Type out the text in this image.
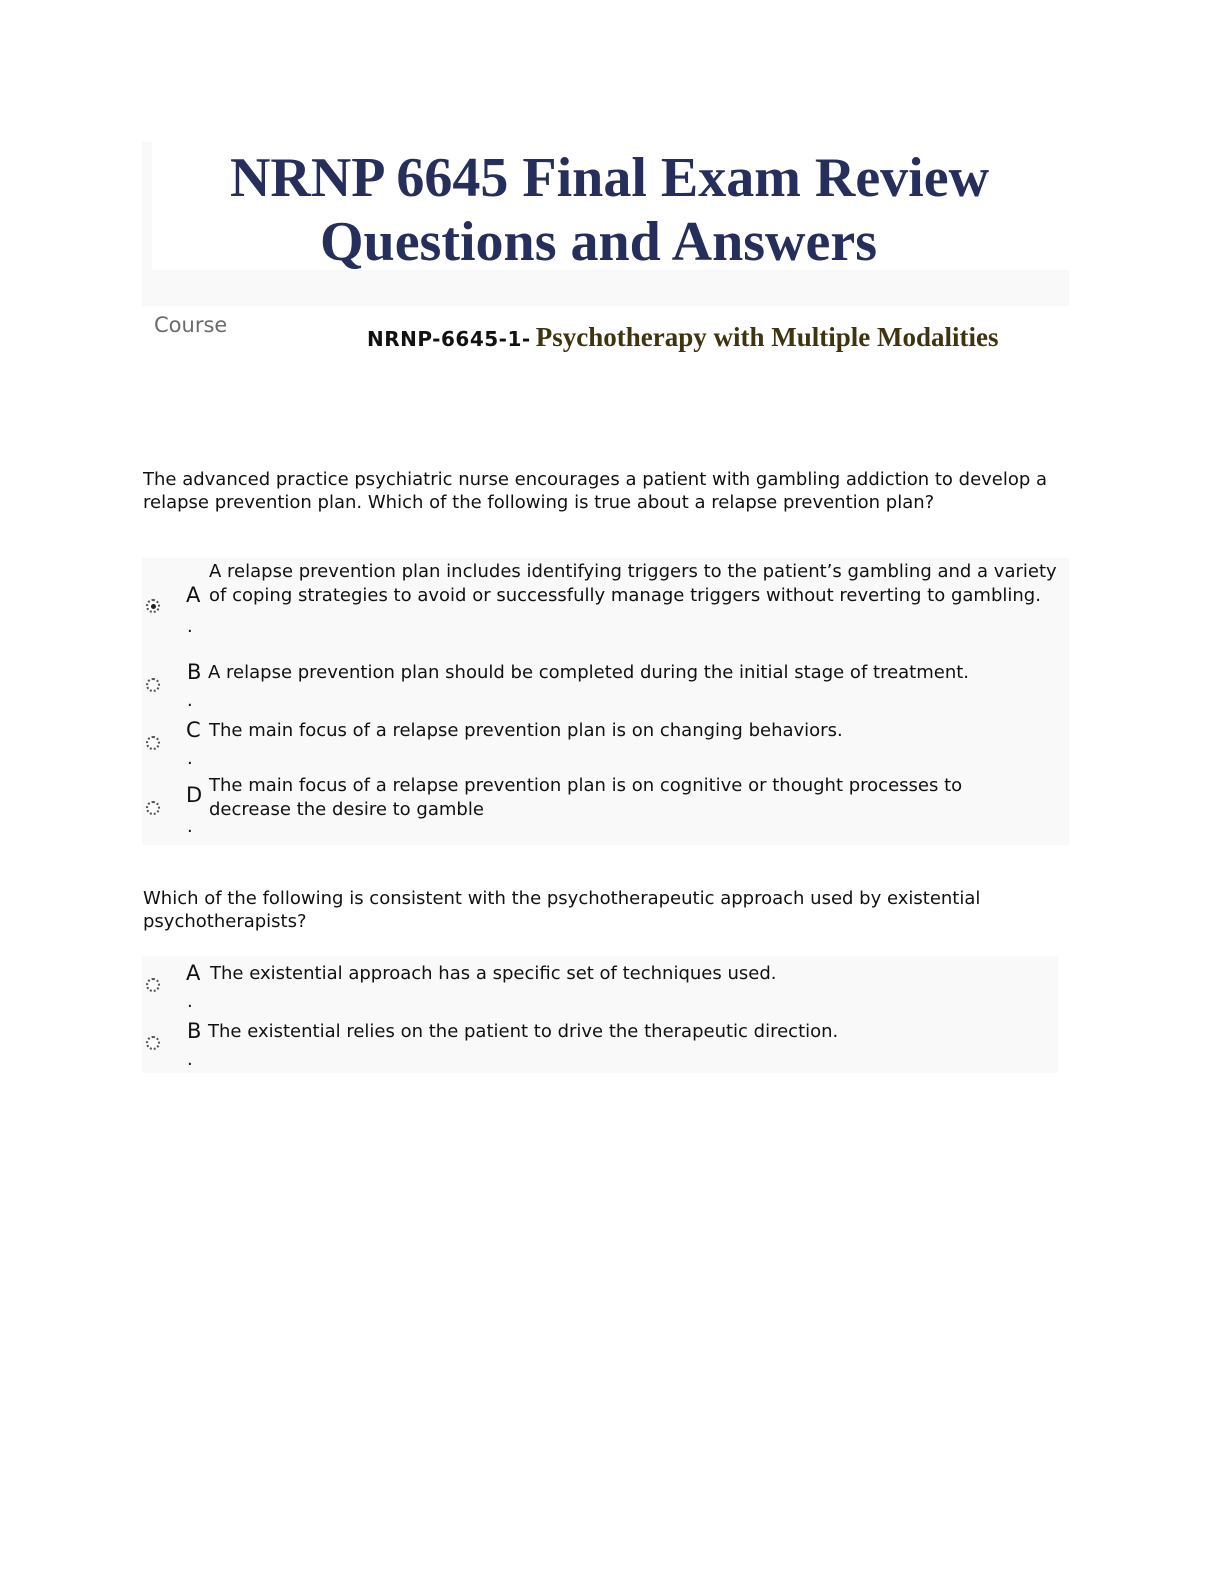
NRNP 6645 Final Exam Review
Questions and Answers
Course
NRNP-6645-1- Psychotherapy with Multiple Modalities
The advanced practice psychiatric nurse encourages a patient with gambling addiction to develop a relapse prevention plan. Which of the following is true about a relapse prevention plan?
A
.
A relapse prevention plan includes identifying triggers to the patient’s gambling and a variety of coping strategies to avoid or successfully manage triggers without reverting to gambling.
B
.
A relapse prevention plan should be completed during the initial stage of treatment.
C
.
The main focus of a relapse prevention plan is on changing behaviors.
D
.
The main focus of a relapse prevention plan is on cognitive or thought processes to decrease the desire to gamble
Which of the following is consistent with the psychotherapeutic approach used by existential psychotherapists?
A
.
The existential approach has a specific set of techniques used.
B
.
The existential relies on the patient to drive the therapeutic direction.
